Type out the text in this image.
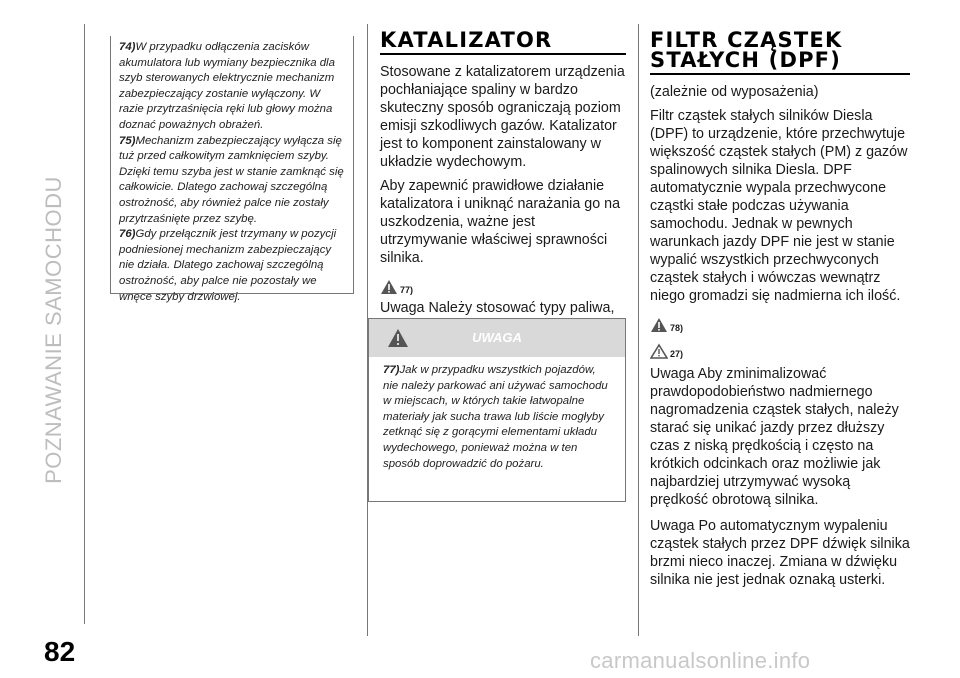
POZNAWANIE SAMOCHODU
82

74)W przypadku odłączenia zacisków akumulatora lub wymiany bezpiecznika dla szyb sterowanych elektrycznie mechanizm zabezpieczający zostanie wyłączony. W razie przytrzaśnięcia ręki lub głowy można doznać poważnych obrażeń.

75)Mechanizm zabezpieczający wyłącza się tuż przed całkowitym zamknięciem szyby. Dzięki temu szyba jest w stanie zamknąć się całkowicie. Dlatego zachowaj szczególną ostrożność, aby również palce nie zostały przytrzaśnięte przez szybę.

76)Gdy przełącznik jest trzymany w pozycji podniesionej mechanizm zabezpieczający nie działa. Dlatego zachowaj szczególną ostrożność, aby palce nie pozostały we wnęce szyby drzwiowej.

KATALIZATOR

Stosowane z katalizatorem urządzenia pochłaniające spaliny w bardzo skuteczny sposób ograniczają poziom emisji szkodliwych gazów. Katalizator jest to komponent zainstalowany w układzie wydechowym.

Aby zapewnić prawidłowe działanie katalizatora i uniknąć narażania go na uszkodzenia, ważne jest utrzymywanie właściwej sprawności silnika.

77)

Uwaga Należy stosować typy paliwa,

UWAGA
77)Jak w przypadku wszystkich pojazdów, nie należy parkować ani używać samochodu w miejscach, w których takie łatwopalne materiały jak sucha trawa lub liście mogłyby zetknąć się z gorącymi elementami układu wydechowego, ponieważ można w ten sposób doprowadzić do pożaru.
FILTR CZĄSTEK
STAŁYCH (DPF)

(zależnie od wyposażenia)

Filtr cząstek stałych silników Diesla (DPF) to urządzenie, które przechwytuje większość cząstek stałych (PM) z gazów spalinowych silnika Diesla. DPF automatycznie wypala przechwycone cząstki stałe podczas używania samochodu. Jednak w pewnych warunkach jazdy DPF nie jest w stanie wypalić wszystkich przechwyconych cząstek stałych i wówczas wewnątrz niego gromadzi się nadmierna ich ilość.

78)
27)

Uwaga Aby zminimalizować prawdopodobieństwo nadmiernego nagromadzenia cząstek stałych, należy starać się unikać jazdy przez dłuższy czas z niską prędkością i często na krótkich odcinkach oraz możliwie jak najbardziej utrzymywać wysoką prędkość obrotową silnika.

Uwaga Po automatycznym wypaleniu cząstek stałych przez DPF dźwięk silnika brzmi nieco inaczej. Zmiana w dźwięku silnika nie jest jednak oznaką usterki.

carmanualsonline.info
